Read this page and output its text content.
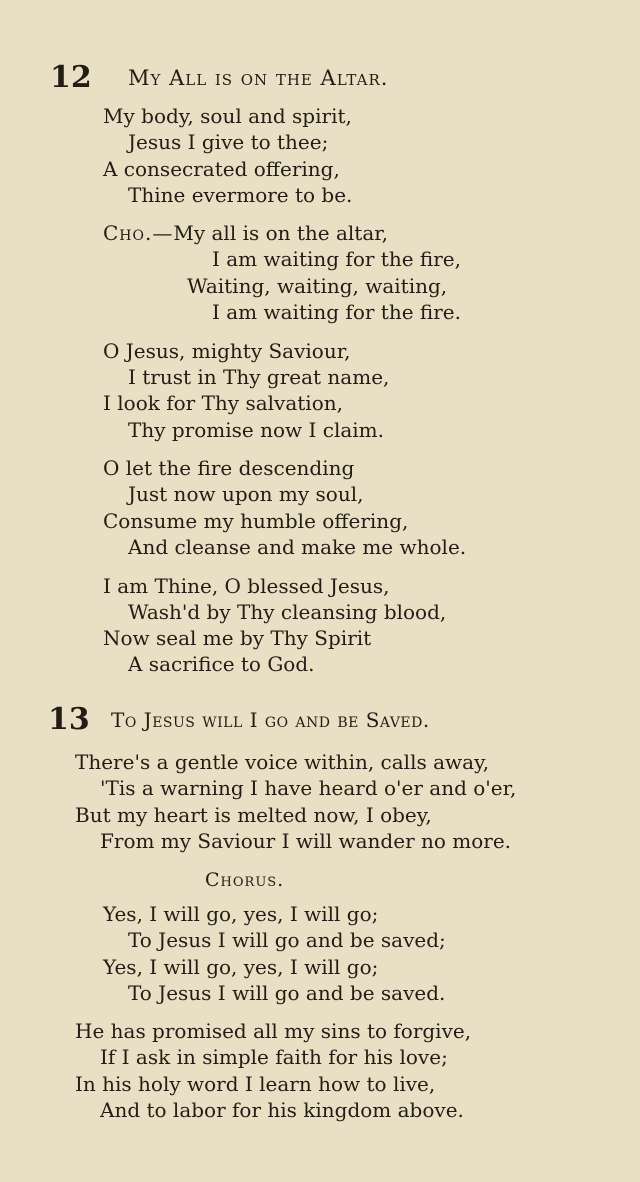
12 My All is on the Altar.
My body, soul and spirit,
Jesus I give to thee;
A consecrated offering,
Thine evermore to be.
Cho.—My all is on the altar,
I am waiting for the fire,
Waiting, waiting, waiting,
I am waiting for the fire.
O Jesus, mighty Saviour,
I trust in Thy great name,
I look for Thy salvation,
Thy promise now I claim.
O let the fire descending
Just now upon my soul,
Consume my humble offering,
And cleanse and make me whole.
I am Thine, O blessed Jesus,
Wash'd by Thy cleansing blood,
Now seal me by Thy Spirit
A sacrifice to God.
13 To Jesus will I go and be Saved.
There's a gentle voice within, calls away,
'Tis a warning I have heard o'er and o'er,
But my heart is melted now, I obey,
From my Saviour I will wander no more.
Chorus.
Yes, I will go, yes, I will go;
To Jesus I will go and be saved;
Yes, I will go, yes, I will go;
To Jesus I will go and be saved.
He has promised all my sins to forgive,
If I ask in simple faith for his love;
In his holy word I learn how to live,
And to labor for his kingdom above.
